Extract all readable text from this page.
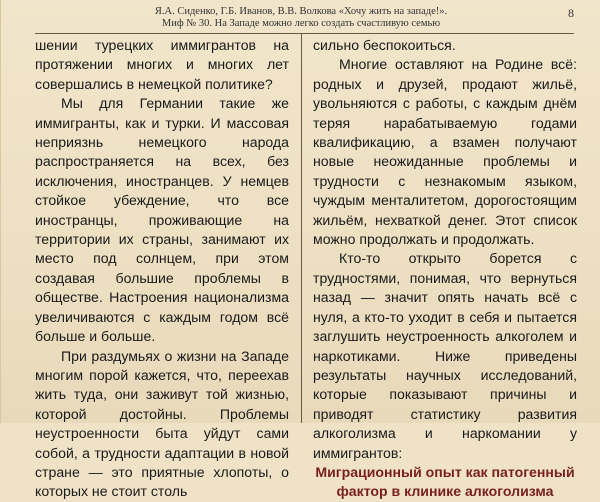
Я.А. Сиденко, Г.Б. Иванов, В.В. Волкова «Хочу жить на западе!».
Миф № 30. На Западе можно легко создать счастливую семью
8

шении турецких иммигрантов на протяжении многих и многих лет совершались в немецкой политике?

Мы для Германии такие же иммигранты, как и турки. И массовая неприязнь немецкого народа распространяется на всех, без исключения, иностранцев. У немцев стойкое убеждение, что все иностранцы, проживающие на территории их страны, занимают их место под солнцем, при этом создавая большие проблемы в обществе. Настроения национализма увеличиваются с каждым годом всё больше и больше.

При раздумьях о жизни на Западе многим порой кажется, что, переехав жить туда, они заживут той жизнью, которой достойны. Проблемы неустроенности быта уйдут сами собой, а трудности адаптации в новой стране — это приятные хлопоты, о которых не стоит столь

сильно беспокоиться.

Многие оставляют на Родине всё: родных и друзей, продают жильё, увольняются с работы, с каждым днём теряя нарабатываемую годами квалификацию, а взамен получают новые неожиданные проблемы и трудности с незнакомым языком, чуждым менталитетом, дорогостоящим жильём, нехваткой денег. Этот список можно продолжать и продолжать.

Кто-то открыто борется с трудностями, понимая, что вернуться назад — значит опять начать всё с нуля, а кто-то уходит в себя и пытается заглушить неустроенность алкоголем и наркотиками. Ниже приведены результаты научных исследований, которые показывают причины и приводят статистику развития алкоголизма и наркомании у иммигрантов:

Миграционный опыт как патогенный фактор в клинике алкоголизма
